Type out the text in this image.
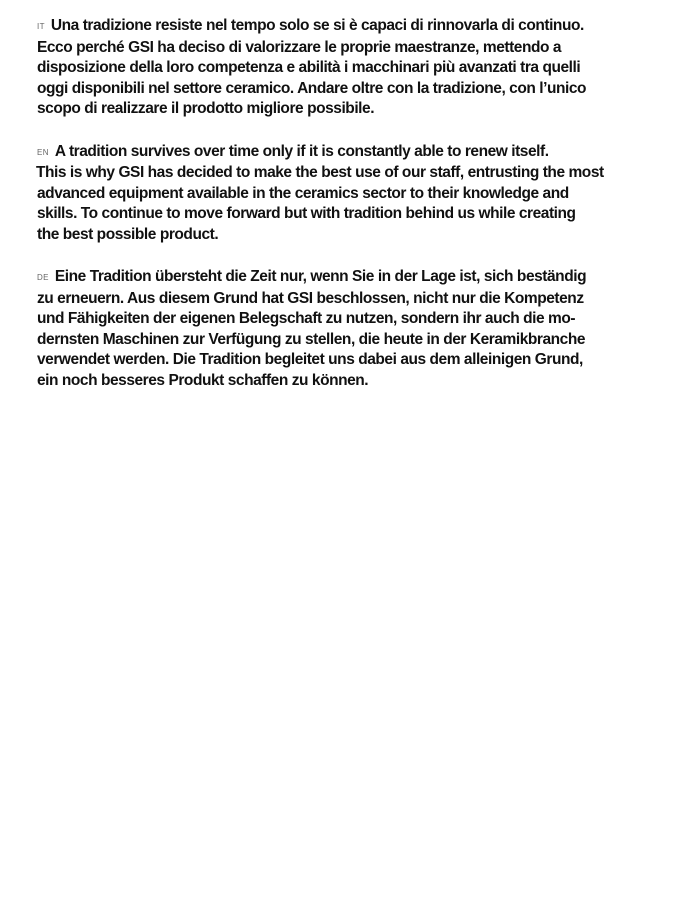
IT Una tradizione resiste nel tempo solo se si è capaci di rinnovarla di continuo.
Ecco perché GSI ha deciso di valorizzare le proprie maestranze, mettendo a
disposizione della loro competenza e abilità i macchinari più avanzati tra quelli
oggi disponibili nel settore ceramico. Andare oltre con la tradizione, con l’unico
scopo di realizzare il prodotto migliore possibile.

EN A tradition survives over time only if it is constantly able to renew itself.
This is why GSI has decided to make the best use of our staff, entrusting the most
advanced equipment available in the ceramics sector to their knowledge and
skills. To continue to move forward but with tradition behind us while creating
the best possible product.

DE Eine Tradition übersteht die Zeit nur, wenn Sie in der Lage ist, sich beständig
zu erneuern. Aus diesem Grund hat GSI beschlossen, nicht nur die Kompetenz
und Fähigkeiten der eigenen Belegschaft zu nutzen, sondern ihr auch die mo-
dernsten Maschinen zur Verfügung zu stellen, die heute in der Keramikbranche
verwendet werden. Die Tradition begleitet uns dabei aus dem alleinigen Grund,
ein noch besseres Produkt schaffen zu können.
